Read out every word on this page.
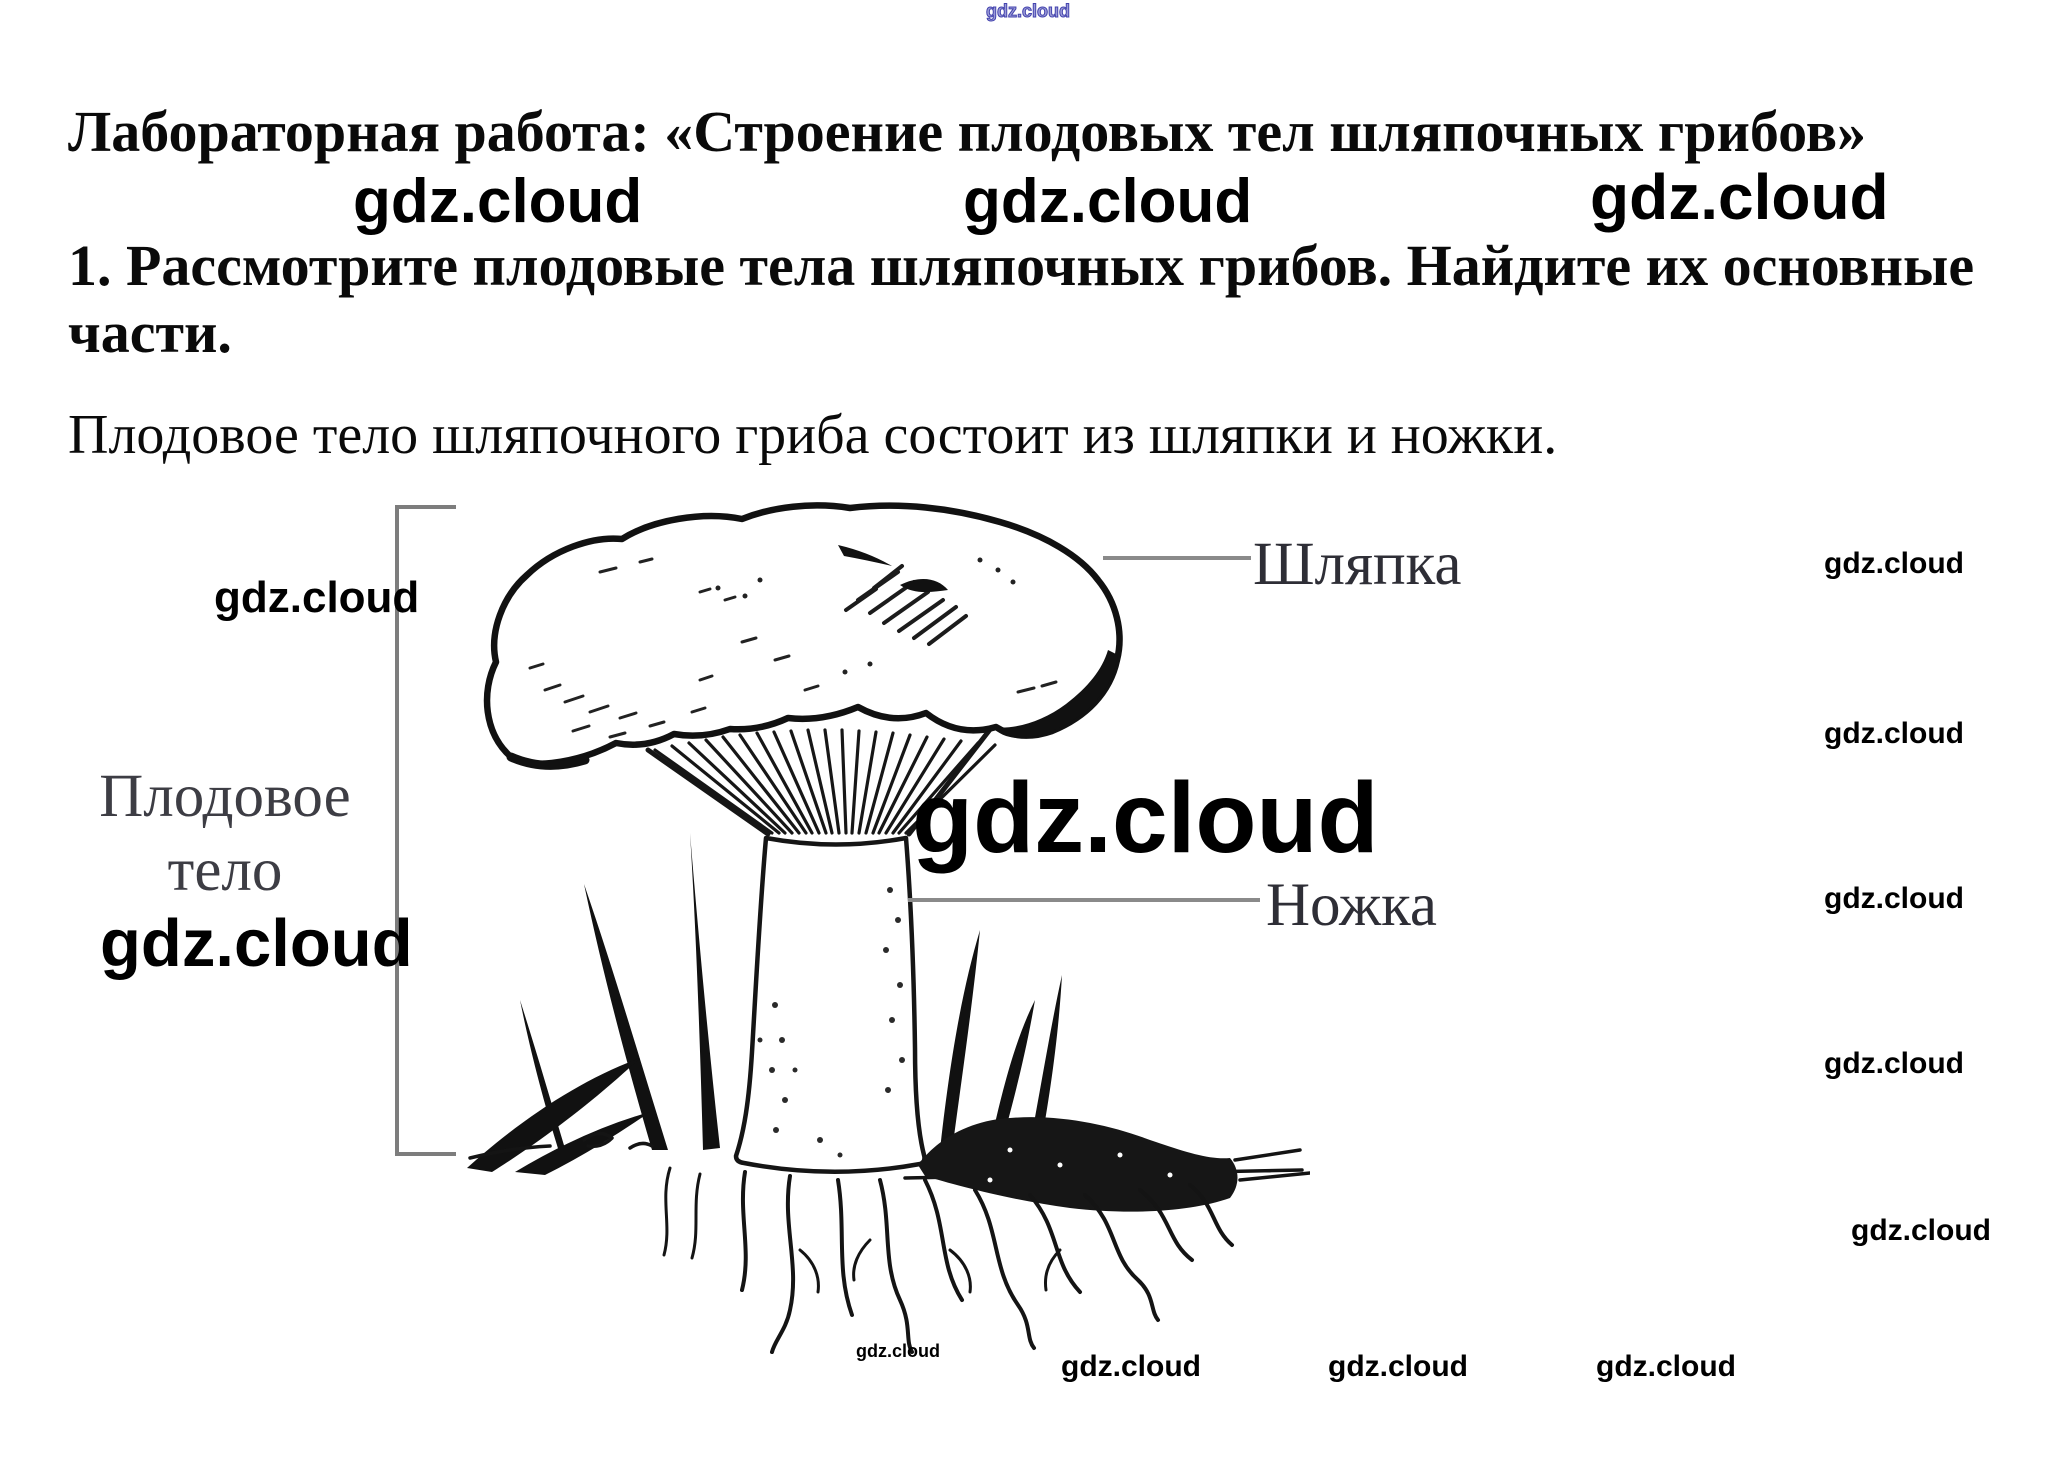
gdz.cloud
Лабораторная работа: «Строение плодовых тел шляпочных грибов»
gdz.cloud	gdz.cloud	gdz.cloud
1. Рассмотрите плодовые тела шляпочных грибов. Найдите их основные
части.
Плодовое тело шляпочного гриба состоит из шляпки и ножки.
Плодовое тело
Шляпка
Ножка
gdz.cloud
gdz.cloud
gdz.cloud
gdz.cloud
gdz.cloud
gdz.cloud
gdz.cloud
gdz.cloud
gdz.cloud	gdz.cloud	gdz.cloud	gdz.cloud
